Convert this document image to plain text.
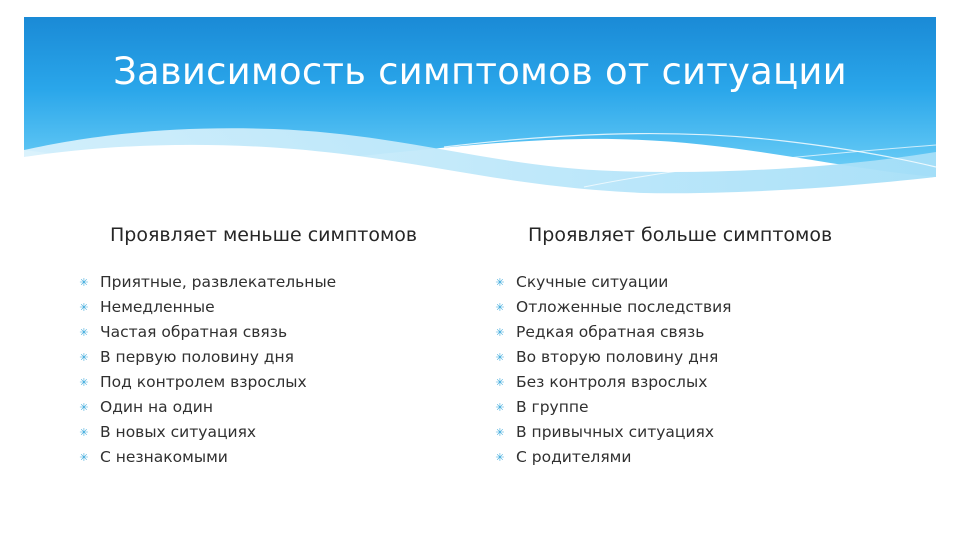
Зависимость симптомов от ситуации
Проявляет меньше симптомов
✳ Приятные, развлекательные
✳ Немедленные
✳ Частая обратная связь
✳ В первую половину дня
✳ Под контролем взрослых
✳ Один на один
✳ В новых ситуациях
✳ С незнакомыми
Проявляет больше симптомов
✳ Скучные ситуации
✳ Отложенные последствия
✳ Редкая обратная связь
✳ Во вторую половину дня
✳ Без контроля взрослых
✳ В группе
✳ В привычных ситуациях
✳ С родителями
